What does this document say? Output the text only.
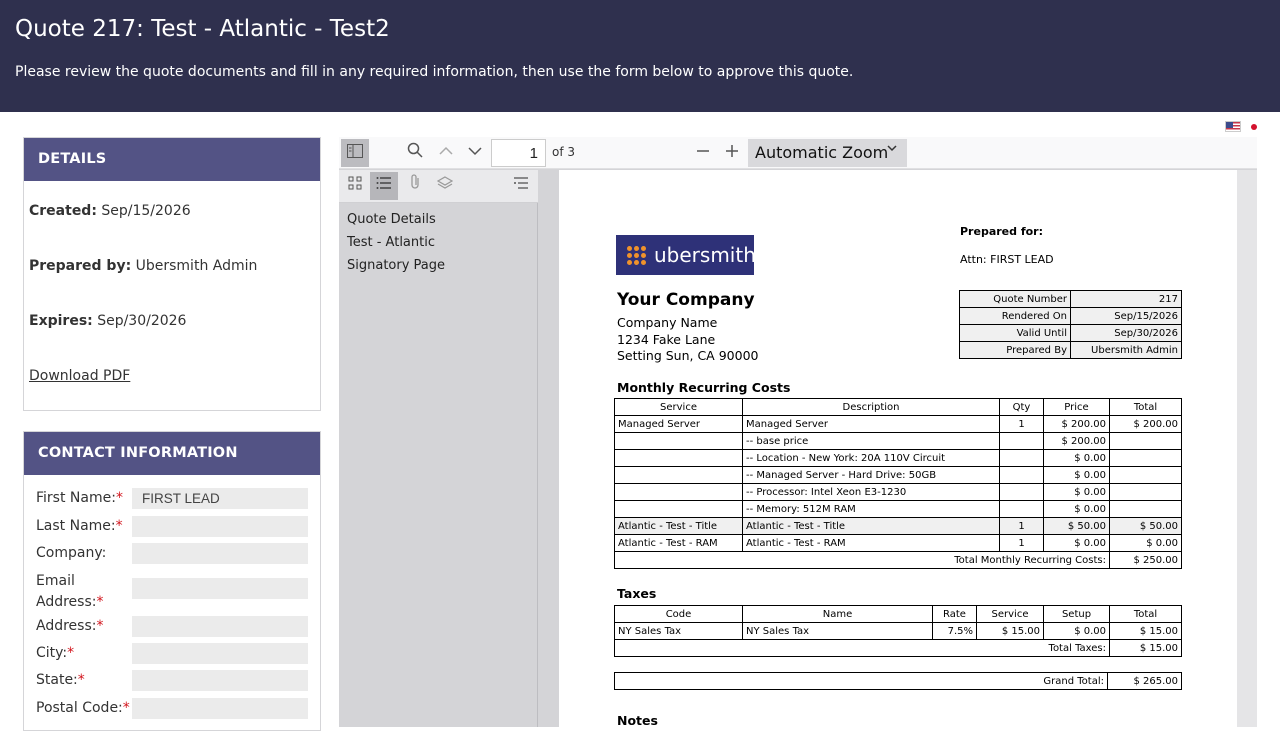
Quote 217: Test - Atlantic - Test2

Please review the quote documents and fill in any required information, then use the form below to approve this quote.

DETAILS
Created: Sep/15/2026
Prepared by: Ubersmith Admin
Expires: Sep/30/2026
Download PDF
CONTACT INFORMATION
First Name:*
FIRST LEAD
Last Name:*
Company:
Email
Address:*
Address:*
City:*
State:*
Postal Code:*
1
of 3	Automatic Zoom
Quote Details
Test - Atlantic
Signatory Page	ubersmith
Prepared for:
Attn: FIRST LEAD
Your Company
Company Name
1234 Fake Lane
Setting Sun, CA 90000
Quote Number	217
Rendered On	Sep/15/2026
Valid Until	Sep/30/2026
Prepared By	Ubersmith Admin
Monthly Recurring Costs
Service	Description	Qty	Price	Total
Managed Server	Managed Server	1	$ 200.00	$ 200.00
	-- base price		$ 200.00	
	-- Location - New York: 20A 110V Circuit		$ 0.00	
	-- Managed Server - Hard Drive: 50GB		$ 0.00	
	-- Processor: Intel Xeon E3-1230		$ 0.00	
	-- Memory: 512M RAM		$ 0.00	
Atlantic - Test - Title	Atlantic - Test - Title	1	$ 50.00	$ 50.00
Atlantic - Test - RAM	Atlantic - Test - RAM	1	$ 0.00	$ 0.00
Total Monthly Recurring Costs:				$ 250.00
Taxes
Code	Name	Rate	Service	Setup	Total
NY Sales Tax	NY Sales Tax	7.5%	$ 15.00	$ 0.00	$ 15.00
Total Taxes:					$ 15.00
Grand Total:	$ 265.00
Notes
